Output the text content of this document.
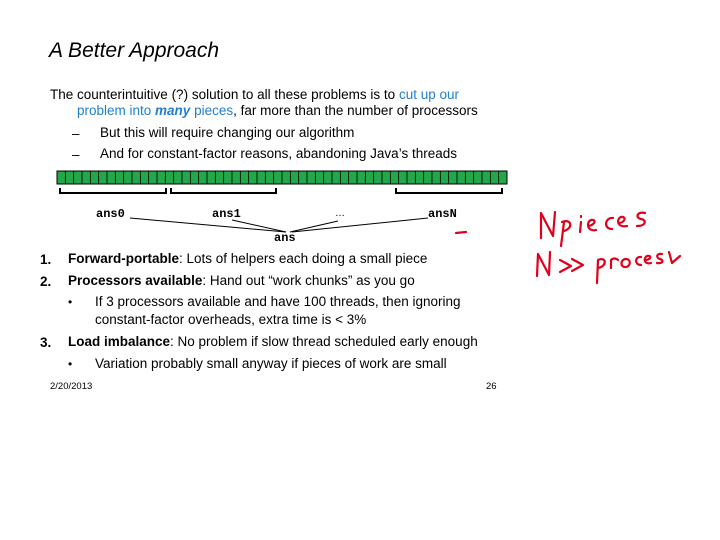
A Better Approach
The counterintuitive (?) solution to all these problems is to cut up our
problem into many pieces, far more than the number of processors
– But this will require changing our algorithm
– And for constant-factor reasons, abandoning Java’s threads
ans0	ans1	…	ansN
ans
1. Forward-portable: Lots of helpers each doing a small piece
2. Processors available: Hand out “work chunks” as you go
• If 3 processors available and have 100 threads, then ignoring
constant-factor overheads, extra time is < 3%
3. Load imbalance: No problem if slow thread scheduled early enough
• Variation probably small anyway if pieces of work are small
2/20/2013	26
